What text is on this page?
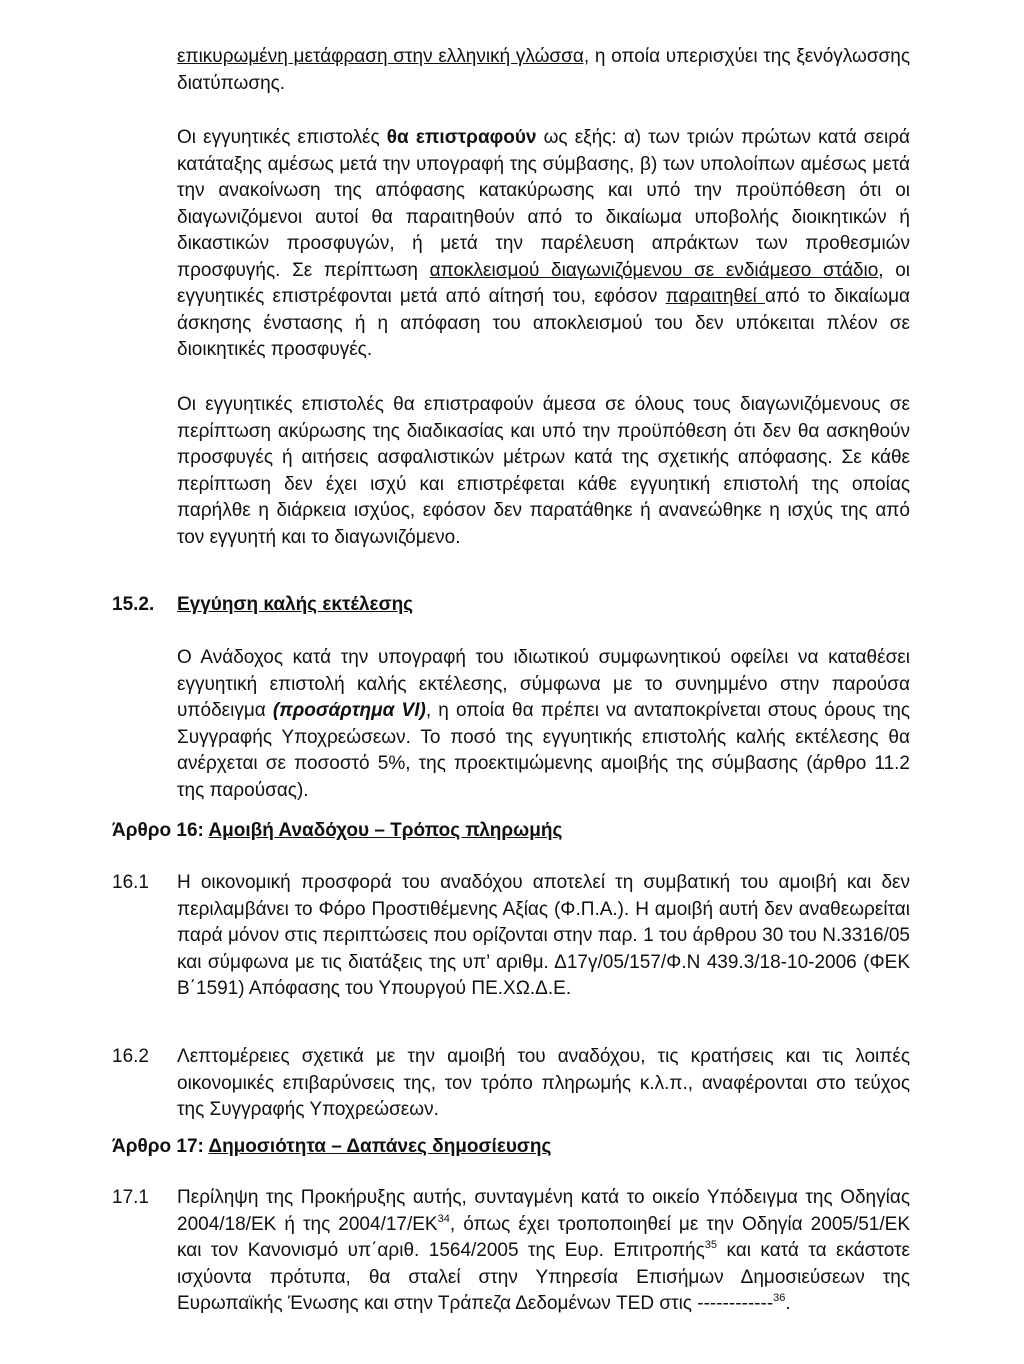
επικυρωμένη μετάφραση στην ελληνική γλώσσα, η οποία υπερισχύει της ξενόγλωσσης διατύπωσης.

Οι εγγυητικές επιστολές θα επιστραφούν ως εξής: α) των τριών πρώτων κατά σειρά κατάταξης αμέσως μετά την υπογραφή της σύμβασης, β) των υπολοίπων αμέσως μετά την ανακοίνωση της απόφασης κατακύρωσης και υπό την προϋπόθεση ότι οι διαγωνιζόμενοι αυτοί θα παραιτηθούν από το δικαίωμα υποβολής διοικητικών ή δικαστικών προσφυγών, ή μετά την παρέλευση απράκτων των προθεσμιών προσφυγής. Σε περίπτωση αποκλεισμού διαγωνιζόμενου σε ενδιάμεσο στάδιο, οι εγγυητικές επιστρέφονται μετά από αίτησή του, εφόσον παραιτηθεί από το δικαίωμα άσκησης ένστασης ή η απόφαση του αποκλεισμού του δεν υπόκειται πλέον σε διοικητικές προσφυγές.

Οι εγγυητικές επιστολές θα επιστραφούν άμεσα σε όλους τους διαγωνιζόμενους σε περίπτωση ακύρωσης της διαδικασίας και υπό την προϋπόθεση ότι δεν θα ασκηθούν προσφυγές ή αιτήσεις ασφαλιστικών μέτρων κατά της σχετικής απόφασης. Σε κάθε περίπτωση δεν έχει ισχύ και επιστρέφεται κάθε εγγυητική επιστολή της οποίας παρήλθε η διάρκεια ισχύος, εφόσον δεν παρατάθηκε ή ανανεώθηκε η ισχύς της από τον εγγυητή και το διαγωνιζόμενο.

15.2. Εγγύηση καλής εκτέλεσης

Ο Ανάδοχος κατά την υπογραφή του ιδιωτικού συμφωνητικού οφείλει να καταθέσει εγγυητική επιστολή καλής εκτέλεσης, σύμφωνα με το συνημμένο στην παρούσα υπόδειγμα (προσάρτημα VI), η οποία θα πρέπει να ανταποκρίνεται στους όρους της Συγγραφής Υποχρεώσεων. Το ποσό της εγγυητικής επιστολής καλής εκτέλεσης θα ανέρχεται σε ποσοστό 5%, της προεκτιμώμενης αμοιβής της σύμβασης (άρθρο 11.2 της παρούσας).

Άρθρο 16: Αμοιβή Αναδόχου – Τρόπος πληρωμής
16.1 Η οικονομική προσφορά του αναδόχου αποτελεί τη συμβατική του αμοιβή και δεν περιλαμβάνει το Φόρο Προστιθέμενης Αξίας (Φ.Π.Α.). Η αμοιβή αυτή δεν αναθεωρείται παρά μόνον στις περιπτώσεις που ορίζονται στην παρ. 1 του άρθρου 30 του Ν.3316/05 και σύμφωνα με τις διατάξεις της υπ’ αριθμ. Δ17γ/05/157/Φ.Ν 439.3/18-10-2006 (ΦΕΚ Β΄1591) Απόφασης του Υπουργού ΠΕ.ΧΩ.Δ.Ε.

16.2 Λεπτομέρειες σχετικά με την αμοιβή του αναδόχου, τις κρατήσεις και τις λοιπές οικονομικές επιβαρύνσεις της, τον τρόπο πληρωμής κ.λ.π., αναφέρονται στο τεύχος της Συγγραφής Υποχρεώσεων.

Άρθρο 17: Δημοσιότητα – Δαπάνες δημοσίευσης
17.1 Περίληψη της Προκήρυξης αυτής, συνταγμένη κατά το οικείο Υπόδειγμα της Οδηγίας 2004/18/ΕΚ ή της 2004/17/ΕΚ$^{34}$, όπως έχει τροποποιηθεί με την Οδηγία 2005/51/ΕΚ και τον Κανονισμό υπ΄αριθ. 1564/2005 της Ευρ. Επιτροπής$^{35}$ και κατά τα εκάστοτε ισχύοντα πρότυπα, θα σταλεί στην Υπηρεσία Επισήμων Δημοσιεύσεων της Ευρωπαϊκής Ένωσης και στην Τράπεζα Δεδομένων TED στις ------------$^{36}$.
